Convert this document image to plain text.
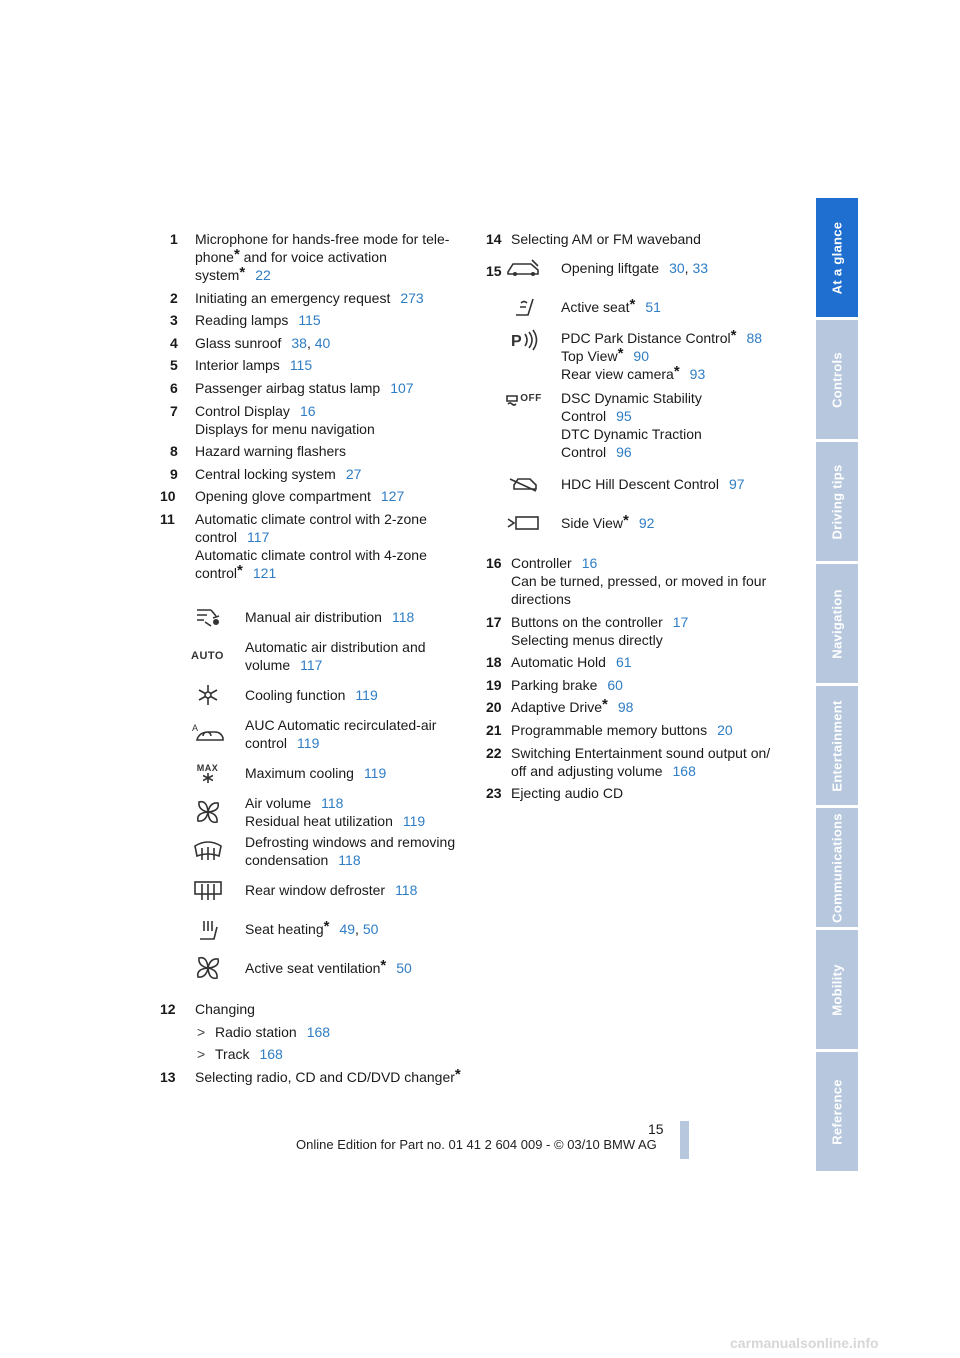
1 Microphone for hands-free mode for tele-
phone* and for voice activation
system* 22
2 Initiating an emergency request 273
3 Reading lamps 115
4 Glass sunroof 38, 40
5 Interior lamps 115
6 Passenger airbag status lamp 107
7 Control Display 16
Displays for menu navigation
8 Hazard warning flashers
9 Central locking system 27
10 Opening glove compartment 127
11 Automatic climate control with 2-zone
control 117
Automatic climate control with 4-zone
control* 121
Manual air distribution 118
AUTO
Automatic air distribution and
volume 117
Cooling function 119
A	AUC Automatic recirculated-air
control 119
MAX Maximum cooling 119
Air volume 118
Residual heat utilization 119
Defrosting windows and removing
condensation 118
Rear window defroster 118
Seat heating* 49, 50
Active seat ventilation* 50
12 Changing
> Radio station 168
> Track 168
13 Selecting radio, CD and CD/DVD changer*
14 Selecting AM or FM waveband
15	Opening liftgate 30, 33
Active seat* 51
P	PDC Park Distance Control* 88
Top View* 90
Rear view camera* 93
OFF DSC Dynamic Stability
Control 95
DTC Dynamic Traction
Control 96
HDC Hill Descent Control 97
Side View* 92
16 Controller 16
Can be turned, pressed, or moved in four
directions
17 Buttons on the controller 17
Selecting menus directly
18 Automatic Hold 61
19 Parking brake 60
20 Adaptive Drive* 98
21 Programmable memory buttons 20
22 Switching Entertainment sound output on/
off and adjusting volume 168
23 Ejecting audio CD
At a glance
Controls
Driving tips
Navigation
Entertainment
Communications
Mobility
Reference
15
Online Edition for Part no. 01 41 2 604 009 - © 03/10 BMW AG
carmanualsonline.info
